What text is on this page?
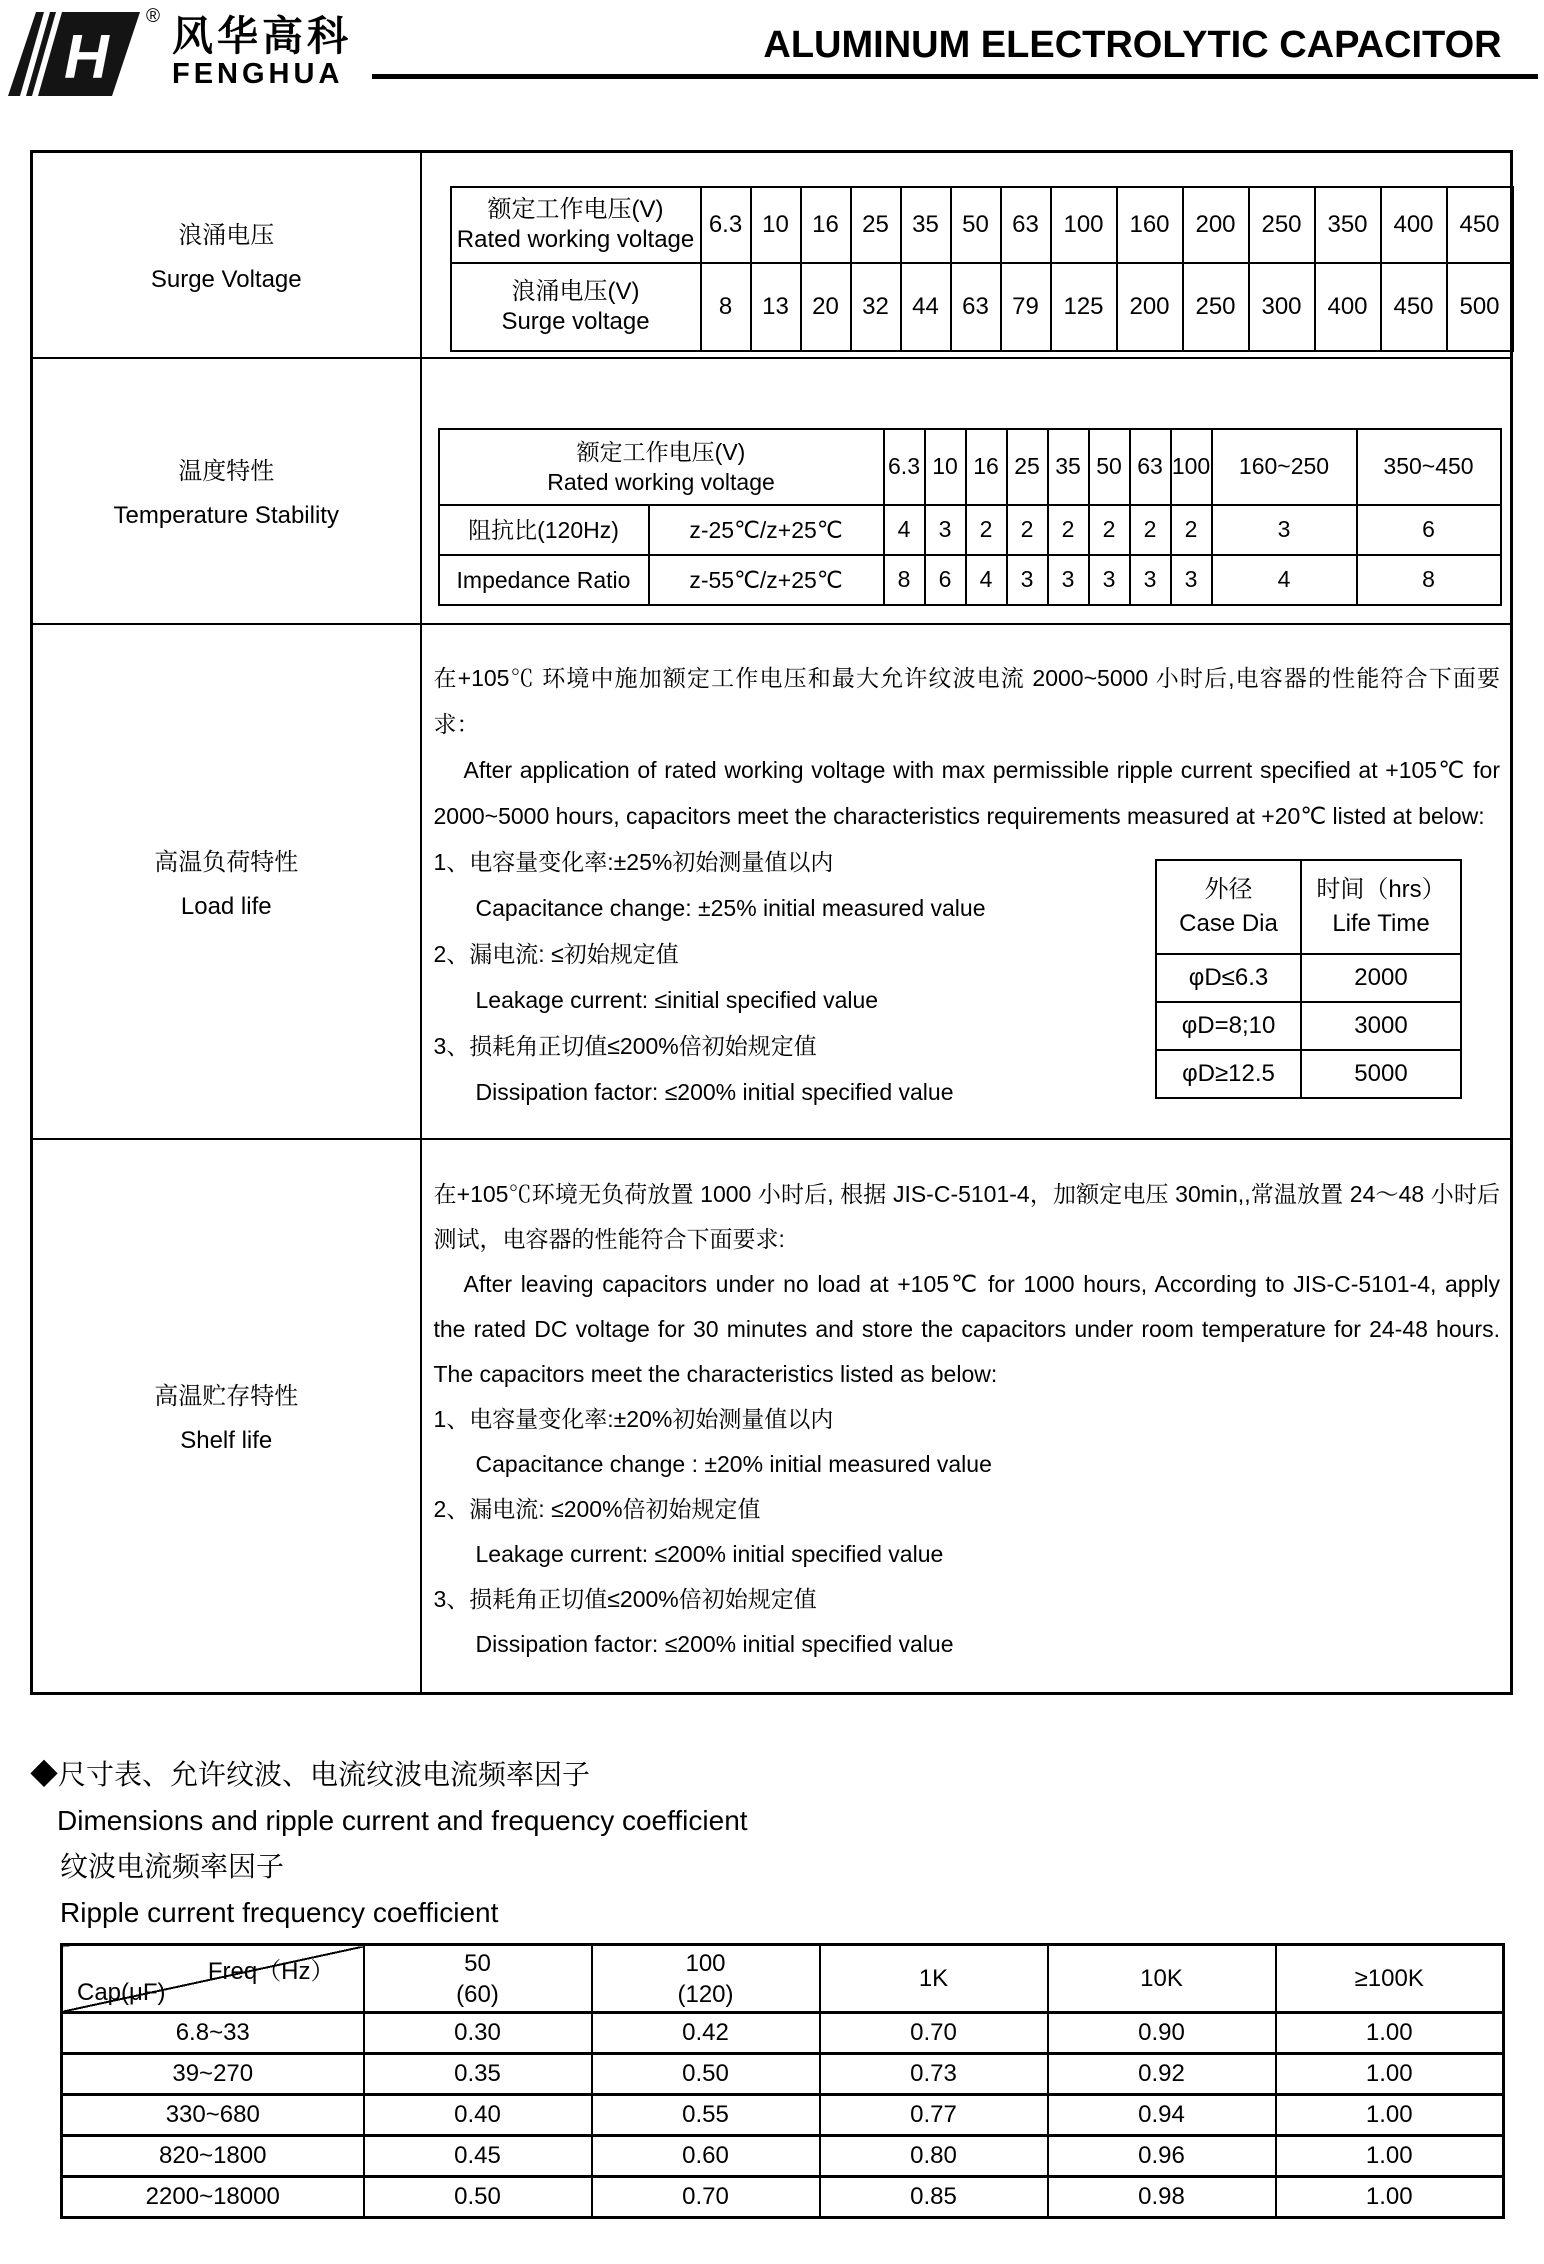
H
® 风华高科
FENGHUA
ALUMINUM ELECTROLYTIC CAPACITOR
浪涌电压
Surge Voltage

额定工作电压(V)
Rated working voltage
	6.3	10	16	25	35	50	63	100	160	200	250	350	400	450

浪涌电压(V)
Surge voltage
	8	13	20	32	44	63	79	125	200	250	300	400	450	500

温度特性
Temperature Stability

额定工作电压(V)
Rated working voltage
	6.3	10	16	25	35	50	63	100	160~250	350~450
阻抗比(120Hz)	z-25℃/z+25℃	4	3	2	2	2	2	2	2	3	6
Impedance Ratio	z-55℃/z+25℃	8	6	4	3	3	3	3	3	4	8

高温负荷特性
Load life

在+105℃ 环境中施加额定工作电压和最大允许纹波电流 2000~5000 小时后,电容器的性能符合下面要求：
After application of rated working voltage with max permissible ripple current specified at +105℃ for 2000~5000 hours, capacitors meet the characteristics requirements measured at +20℃ listed at below:
1、电容量变化率:±25%初始测量值以内
Capacitance change: ±25% initial measured value
2、漏电流: ≤初始规定值
Leakage current: ≤initial specified value
3、损耗角正切值≤200%倍初始规定值
Dissipation factor: ≤200% initial specified value
外径
Case Dia

时间（hrs）
Life Time

φD≤6.3	2000
φD=8;10	3000
φD≥12.5	5000

高温贮存特性
Shelf life

在+105℃环境无负荷放置 1000 小时后, 根据 JIS-C-5101-4，加额定电压 30min,,常温放置 24～48 小时后测试，电容器的性能符合下面要求:
After leaving capacitors under no load at +105℃ for 1000 hours, According to JIS-C-5101-4, apply the rated DC voltage for 30 minutes and store the capacitors under room temperature for 24-48 hours. The capacitors meet the characteristics listed as below:
1、电容量变化率:±20%初始测量值以内
Capacitance change : ±20% initial measured value
2、漏电流: ≤200%倍初始规定值
Leakage current: ≤200% initial specified value
3、损耗角正切值≤200%倍初始规定值
Dissipation factor: ≤200% initial specified value
◆尺寸表、允许纹波、电流纹波电流频率因子
Dimensions and ripple current and frequency coefficient
纹波电流频率因子
Ripple current frequency coefficient
Freq（Hz）
Cap(μF)

50
(60)

100
(120)

1K	10K	≥100K

6.8~33	0.30	0.42	0.70	0.90	1.00
39~270	0.35	0.50	0.73	0.92	1.00
330~680	0.40	0.55	0.77	0.94	1.00
820~1800	0.45	0.60	0.80	0.96	1.00
2200~18000	0.50	0.70	0.85	0.98	1.00
